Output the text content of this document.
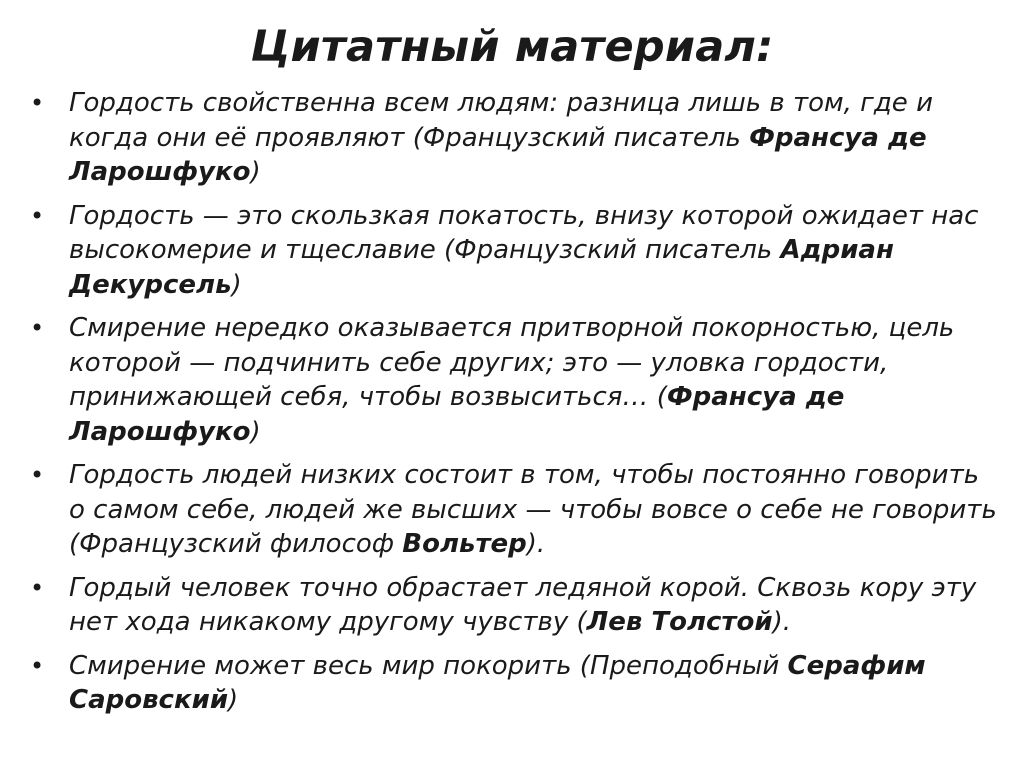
Цитатный материал:
• Гордость свойственна всем людям: разница лишь в том, где и когда они её проявляют (Французский писатель Франсуа де Ларошфуко)
• Гордость — это скользкая покатость, внизу которой ожидает нас высокомерие и тщеславие (Французский писатель Адриан Декурсель)
• Смирение нередко оказывается притворной покорностью, цель которой — подчинить себе других; это — уловка гордости, принижающей себя, чтобы возвыситься… (Франсуа де Ларошфуко)
• Гордость людей низких состоит в том, чтобы постоянно говорить о самом себе, людей же высших — чтобы вовсе о себе не говорить (Французский философ Вольтер).
• Гордый человек точно обрастает ледяной корой. Сквозь кору эту нет хода никакому другому чувству (Лев Толстой).
• Смирение может весь мир покорить (Преподобный Серафим Саровский)
